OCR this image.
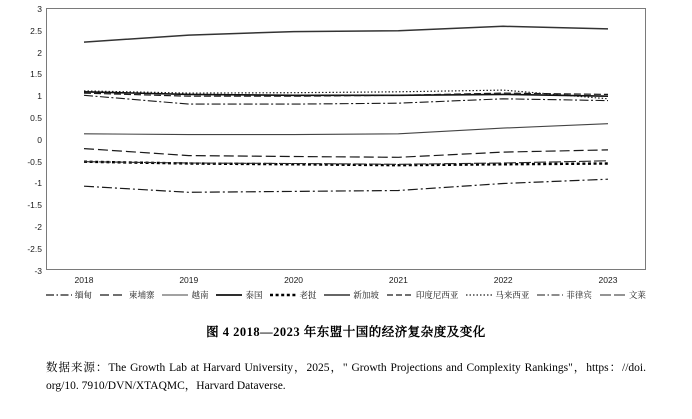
3
2.5
2
1.5
1
0.5
0
-0.5
-1
-1.5
-2
-2.5
-3
2018	2019	2020	2021	2022	2023
缅甸	柬埔寨	越南	泰国	老挝	新加坡	印度尼西亚	马来西亚	菲律宾	文莱
图 4 2018—2023 年东盟十国的经济复杂度及变化
数据来源：The Growth Lab at Harvard University，2025，" Growth Projections and Complexity Rankings"，https：//doi. org/10. 7910/DVN/XTAQMC，Harvard Dataverse.
